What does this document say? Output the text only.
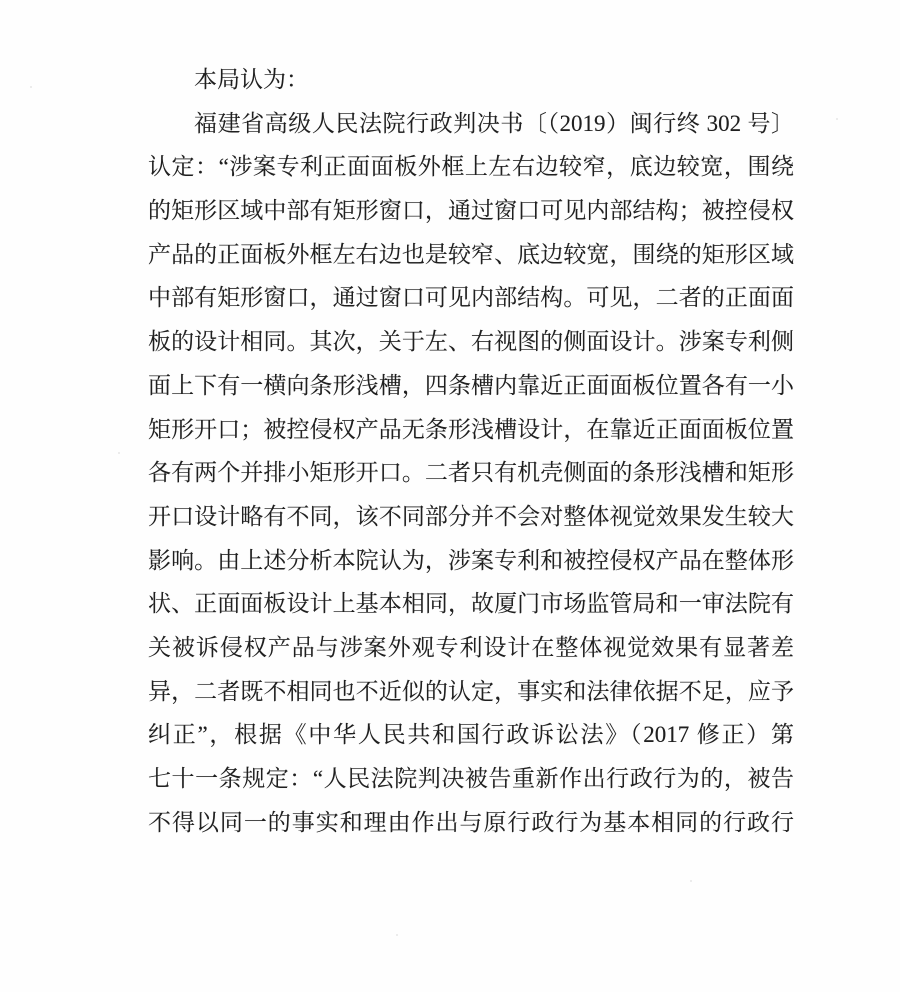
本局认为：
福建省高级人民法院行政判决书〔（2019）闽行终 302 号〕
认定：“涉案专利正面面板外框上左右边较窄，底边较宽，围绕
的矩形区域中部有矩形窗口，通过窗口可见内部结构；被控侵权
产品的正面板外框左右边也是较窄、底边较宽，围绕的矩形区域
中部有矩形窗口，通过窗口可见内部结构。可见，二者的正面面
板的设计相同。其次，关于左、右视图的侧面设计。涉案专利侧
面上下有一横向条形浅槽，四条槽内靠近正面面板位置各有一小
矩形开口；被控侵权产品无条形浅槽设计，在靠近正面面板位置
各有两个并排小矩形开口。二者只有机壳侧面的条形浅槽和矩形
开口设计略有不同，该不同部分并不会对整体视觉效果发生较大
影响。由上述分析本院认为，涉案专利和被控侵权产品在整体形
状、正面面板设计上基本相同，故厦门市场监管局和一审法院有
关被诉侵权产品与涉案外观专利设计在整体视觉效果有显著差
异，二者既不相同也不近似的认定，事实和法律依据不足，应予
纠正”，根据《中华人民共和国行政诉讼法》（2017 修正）第
七十一条规定：“人民法院判决被告重新作出行政行为的，被告
不得以同一的事实和理由作出与原行政行为基本相同的行政行
